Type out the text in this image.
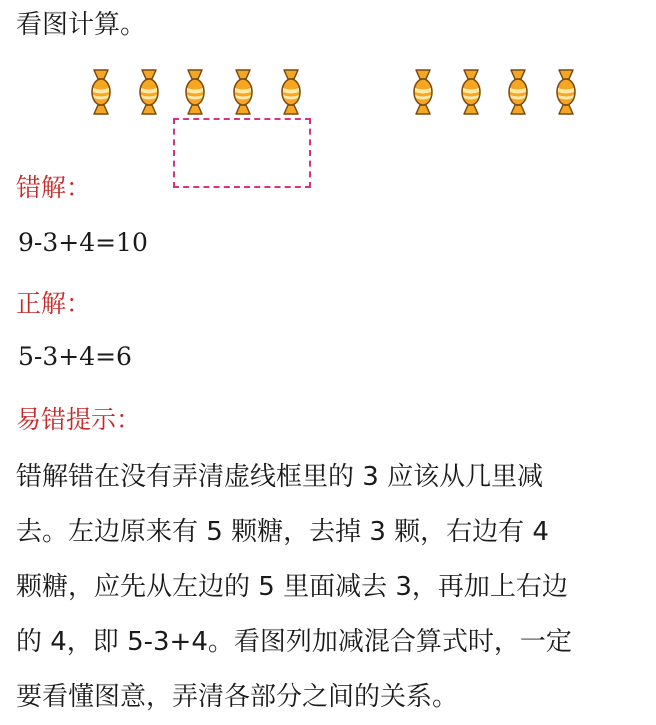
看图计算。
错解：
9-3+4=10
正解：
5-3+4=6
易错提示：
错解错在没有弄清虚线框里的 3 应该从几里减
去。左边原来有 5 颗糖，去掉 3 颗，右边有 4
颗糖，应先从左边的 5 里面减去 3，再加上右边
的 4，即 5-3+4。看图列加减混合算式时，一定
要看懂图意，弄清各部分之间的关系。
